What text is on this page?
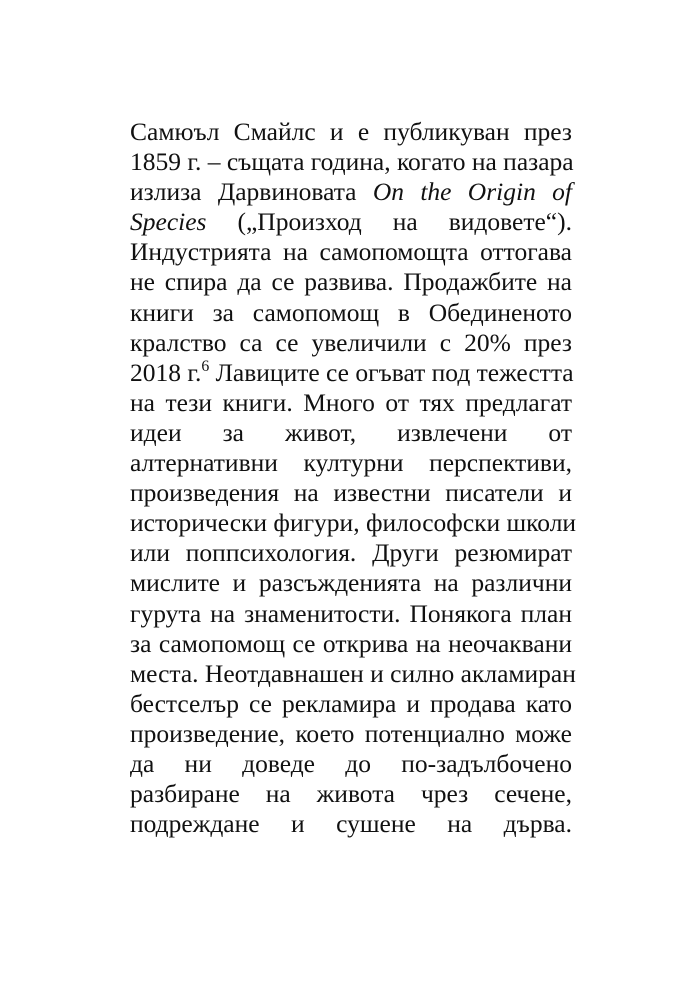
Самюъл Смайлс и е публикуван през
1859 г. – същата година, когато на пазара
излиза Дарвиновата On the Origin of
Species („Произход на видовете“).
Индустрията на самопомощта оттогава
не спира да се развива. Продажбите на
книги за самопомощ в Обединеното
кралство са се увеличили с 20% през
2018 г.$^6$ Лавиците се огъват под тежестта
на тези книги. Много от тях предлагат
идеи за живот, извлечени от
алтернативни културни перспективи,
произведения на известни писатели и
исторически фигури, философски школи
или поппсихология. Други резюмират
мислите и разсъжденията на различни
гурута на знаменитости. Понякога план
за самопомощ се открива на неочаквани
места. Неотдавнашен и силно акламиран
бестселър се рекламира и продава като
произведение, което потенциално може
да ни доведе до по-задълбочено
разбиране на живота чрез сечене,
подреждане и сушене на дърва.
